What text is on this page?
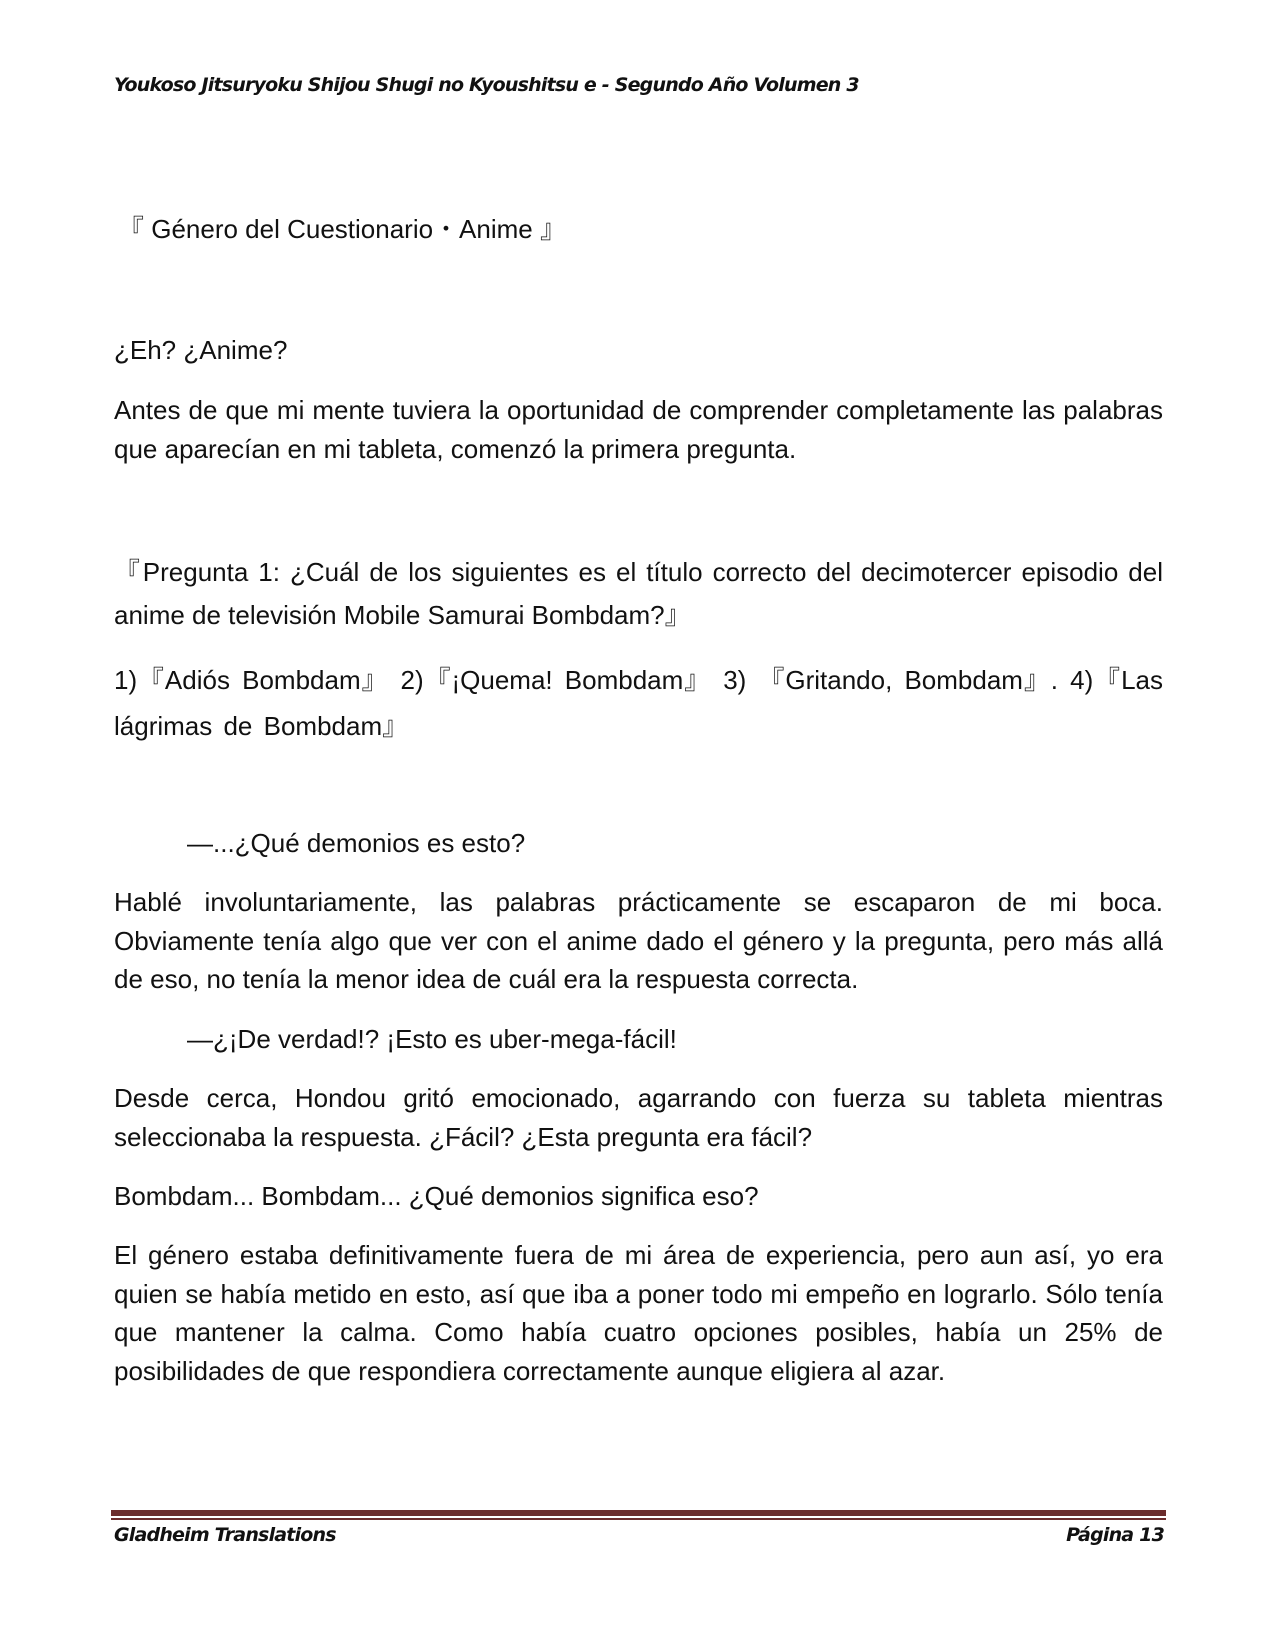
Youkoso Jitsuryoku Shijou Shugi no Kyoushitsu e - Segundo Año Volumen 3
『 Género del Cuestionario・Anime 』
¿Eh? ¿Anime?
Antes de que mi mente tuviera la oportunidad de comprender completamente las palabras que aparecían en mi tableta, comenzó la primera pregunta.
『Pregunta 1: ¿Cuál de los siguientes es el título correcto del decimotercer episodio del anime de televisión Mobile Samurai Bombdam?』
1)『Adiós Bombdam』 2)『¡Quema! Bombdam』 3) 『Gritando, Bombdam』. 4)『Las lágrimas de Bombdam』
—...¿Qué demonios es esto?
Hablé involuntariamente, las palabras prácticamente se escaparon de mi boca. Obviamente tenía algo que ver con el anime dado el género y la pregunta, pero más allá de eso, no tenía la menor idea de cuál era la respuesta correcta.
—¿¡De verdad!? ¡Esto es uber-mega-fácil!
Desde cerca, Hondou gritó emocionado, agarrando con fuerza su tableta mientras seleccionaba la respuesta. ¿Fácil? ¿Esta pregunta era fácil?
Bombdam... Bombdam... ¿Qué demonios significa eso?
El género estaba definitivamente fuera de mi área de experiencia, pero aun así, yo era quien se había metido en esto, así que iba a poner todo mi empeño en lograrlo. Sólo tenía que mantener la calma. Como había cuatro opciones posibles, había un 25% de posibilidades de que respondiera correctamente aunque eligiera al azar.
Gladheim Translations	Página 13
